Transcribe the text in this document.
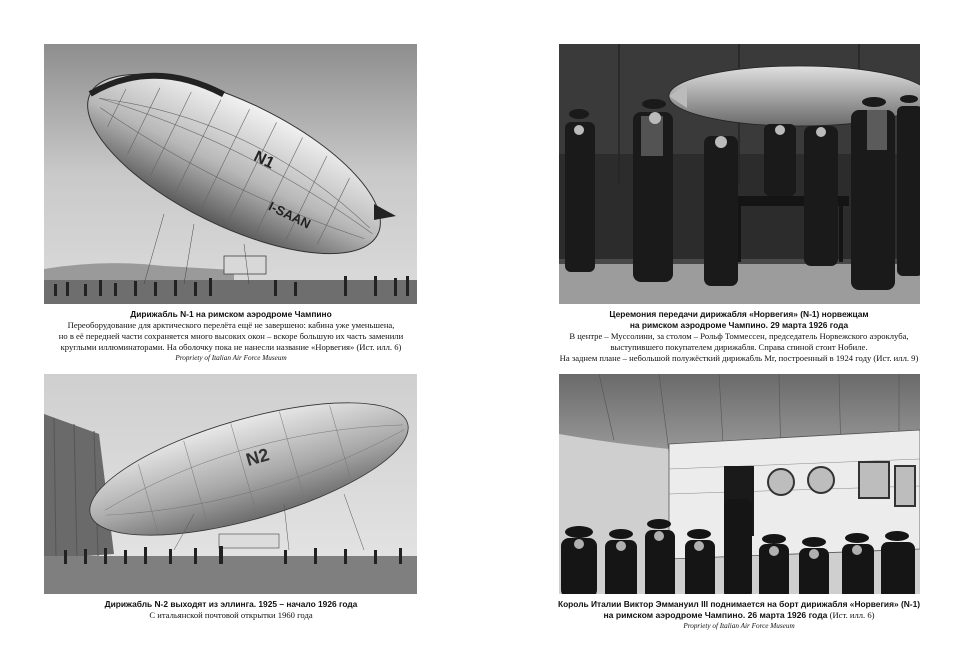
N1
I-SAAN
Дирижабль N-1 на римском аэродроме Чампино
Переоборудование для арктического перелёта ещё не завершено: кабина уже уменьшена,
но в её передней части сохраняется много высоких окон – вскоре большую их часть заменили
круглыми иллюминаторами. На оболочку пока не нанесли название «Норвегия» (Ист. илл. 6)
Propriety of Italian Air Force Museum
Церемония передачи дирижабля «Норвегия» (N-1) норвежцам
на римском аэродроме Чампино. 29 марта 1926 года
В центре – Муссолини, за столом – Рольф Томмессен, председатель Норвежского аэроклуба,
выступившего покупателем дирижабля. Справа спиной стоит Нобиле.
На заднем плане – небольшой полужёсткий дирижабль Mr, построенный в 1924 году (Ист. илл. 9)
N2
Дирижабль N-2 выходят из эллинга. 1925 – начало 1926 года
С итальянской почтовой открытки 1960 года
Король Италии Виктор Эммануил III поднимается на борт дирижабля «Норвегия» (N-1)
на римском аэродроме Чампино. 26 марта 1926 года (Ист. илл. 6)
Propriety of Italian Air Force Museum
